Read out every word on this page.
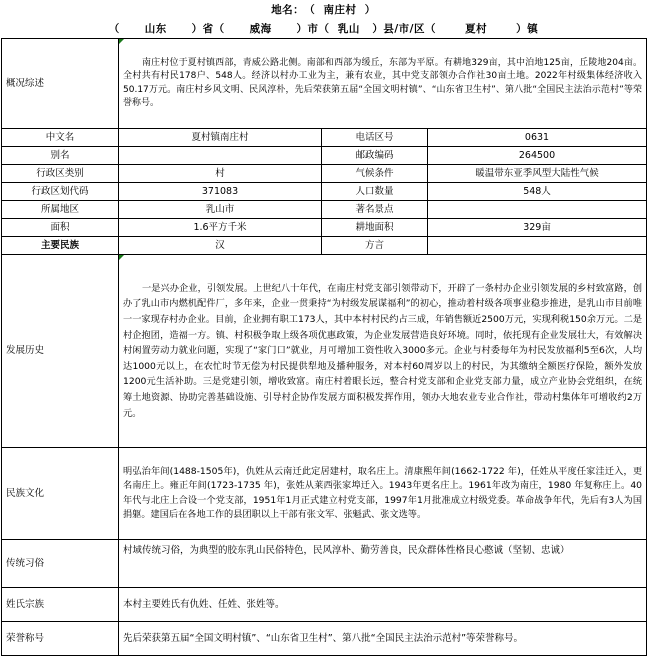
地名： （ 南庄村 ）
（ 山东 ） 省 （ 威海 ） 市 （ 乳山 ） 县/市/区 （ 夏村 ） 镇
概况综述	南庄村位于夏村镇西部，青威公路北侧。南部和西部为缓丘，东部为平原。有耕地329亩，其中泊地125亩，丘陵地204亩。全村共有村民178户、548人。经济以村办工业为主，兼有农业，其中党支部领办合作社30亩土地。2022年村级集体经济收入50.17万元。南庄村乡风文明、民风淳朴，先后荣获第五届“全国文明村镇”、“山东省卫生村”、第八批“全国民主法治示范村”等荣誉称号。		
中文名	夏村镇南庄村	电话区号	0631
别名		邮政编码	264500
行政区类别	村	气候条件	暖温带东亚季风型大陆性气候
行政区划代码	371083	人口数量	548人
所属地区	乳山市	著名景点	
面积	1.6平方千米	耕地面积	329亩
主要民族	汉	方言	
发展历史	一是兴办企业，引领发展。上世纪八十年代，在南庄村党支部引领带动下，开辟了一条村办企业引领发展的乡村致富路，创办了乳山市内燃机配件厂，多年来，企业一贯秉持“为村级发展谋福利”的初心，推动着村级各项事业稳步推进，是乳山市目前唯一一家现存村办企业。目前，企业拥有职工173人，其中本村村民约占三成，年销售额近2500万元，实现利税150余万元。二是村企抱团，造福一方。镇、村积极争取上级各项优惠政策，为企业发展营造良好环境。同时，依托现有企业发展壮大，有效解决村闲置劳动力就业问题，实现了“家门口”就业，月可增加工资性收入3000多元。企业与村委每年为村民发放福利5至6次，人均达1000元以上，在农忙时节无偿为村民提供犁地及播种服务，对本村60周岁以上的村民，为其缴纳全额医疗保险，额外发放1200元生活补助。三是党建引领，增收致富。南庄村着眼长远，整合村党支部和企业党支部力量，成立产业协会党组织，在统筹土地资源、协助完善基础设施、引导村企协作发展方面积极发挥作用，领办大地农业专业合作社，带动村集体年可增收约2万元。		
民族文化	明弘治年间(1488-1505年)，仇姓从云南迁此定居建村，取名庄上。清康熙年间(1662-1722 年)，任姓从平度任家洼迁入，更名南庄上。雍正年间(1723-1735 年)，张姓从莱西张家埠迁入。1943年更名庄上。1961年改为南庄，1980 年复称庄上。40年代与北庄上合设一个党支部，1951年1月正式建立村党支部，1997年1月批准成立村级党委。革命战争年代，先后有3人为国捐躯。建国后在各地工作的县团职以上干部有张文军、张魁武、张文选等。		
传统习俗	村域传统习俗，为典型的胶东乳山民俗特色，民风淳朴、勤劳善良，民众群体性格艮心憨诚（坚韧、忠诚）		
姓氏宗族	本村主要姓氏有仇姓、任姓、张姓等。		
荣誉称号	先后荣获第五届“全国文明村镇”、“山东省卫生村”、第八批“全国民主法治示范村”等荣誉称号。		
